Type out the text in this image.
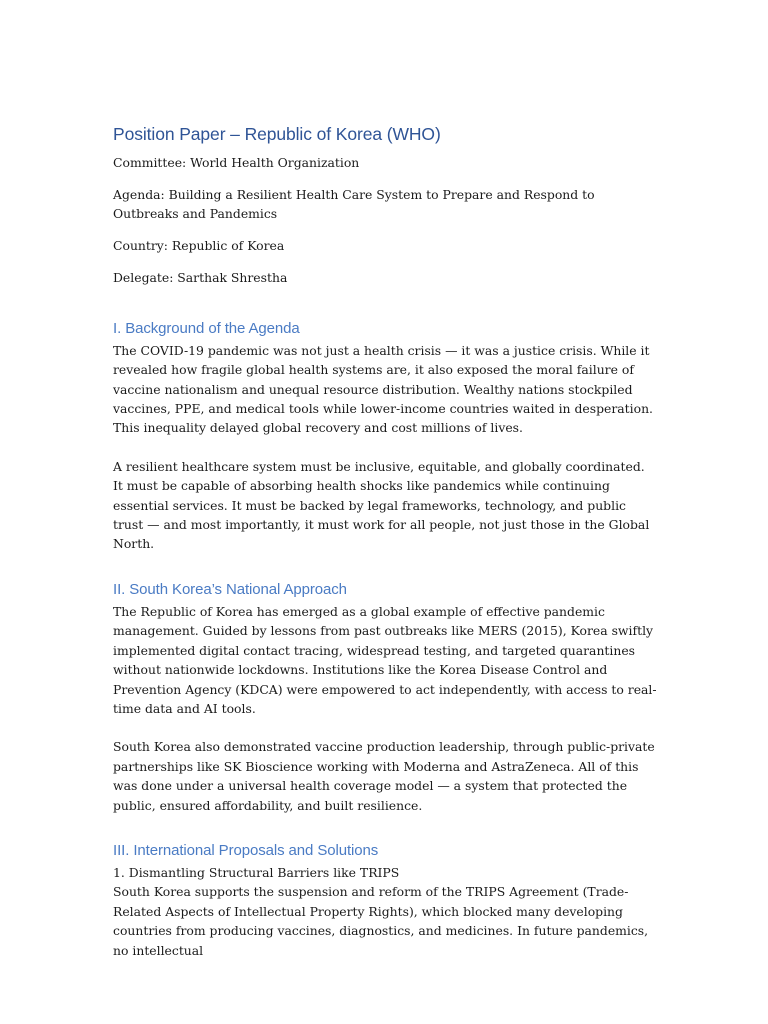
Position Paper – Republic of Korea (WHO)

Committee: World Health Organization

Agenda: Building a Resilient Health Care System to Prepare and Respond to Outbreaks and Pandemics

Country: Republic of Korea

Delegate: Sarthak Shrestha

I. Background of the Agenda

The COVID-19 pandemic was not just a health crisis — it was a justice crisis. While it revealed how fragile global health systems are, it also exposed the moral failure of vaccine nationalism and unequal resource distribution. Wealthy nations stockpiled vaccines, PPE, and medical tools while lower-income countries waited in desperation. This inequality delayed global recovery and cost millions of lives.

A resilient healthcare system must be inclusive, equitable, and globally coordinated. It must be capable of absorbing health shocks like pandemics while continuing essential services. It must be backed by legal frameworks, technology, and public trust — and most importantly, it must work for all people, not just those in the Global North.

II. South Korea’s National Approach

The Republic of Korea has emerged as a global example of effective pandemic management. Guided by lessons from past outbreaks like MERS (2015), Korea swiftly implemented digital contact tracing, widespread testing, and targeted quarantines without nationwide lockdowns. Institutions like the Korea Disease Control and Prevention Agency (KDCA) were empowered to act independently, with access to real-time data and AI tools.

South Korea also demonstrated vaccine production leadership, through public-private partnerships like SK Bioscience working with Moderna and AstraZeneca. All of this was done under a universal health coverage model — a system that protected the public, ensured affordability, and built resilience.

III. International Proposals and Solutions

1. Dismantling Structural Barriers like TRIPS

South Korea supports the suspension and reform of the TRIPS Agreement (Trade-Related Aspects of Intellectual Property Rights), which blocked many developing countries from producing vaccines, diagnostics, and medicines. In future pandemics, no intellectual
